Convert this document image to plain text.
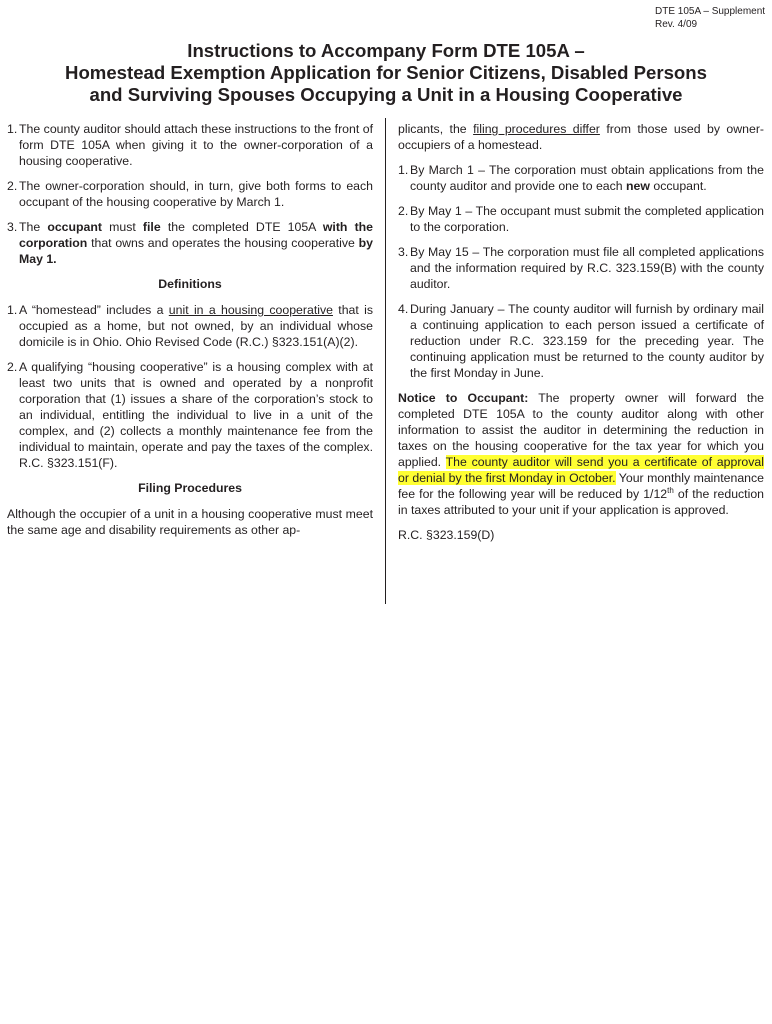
DTE 105A – Supplement
Rev. 4/09
Instructions to Accompany Form DTE 105A –
Homestead Exemption Application for Senior Citizens, Disabled Persons
and Surviving Spouses Occupying a Unit in a Housing Cooperative
1. The county auditor should attach these instructions to the front of form DTE 105A when giving it to the owner-corporation of a housing cooperative.
2. The owner-corporation should, in turn, give both forms to each occupant of the housing cooperative by March 1.
3. The occupant must file the completed DTE 105A with the corporation that owns and operates the housing cooperative by May 1.
Definitions
1. A “homestead” includes a unit in a housing cooperative that is occupied as a home, but not owned, by an individual whose domicile is in Ohio. Ohio Revised Code (R.C.) §323.151(A)(2).
2. A qualifying “housing cooperative” is a housing complex with at least two units that is owned and operated by a nonprofit corporation that (1) issues a share of the corporation’s stock to an individual, entitling the individual to live in a unit of the complex, and (2) collects a monthly maintenance fee from the individual to maintain, operate and pay the taxes of the complex. R.C. §323.151(F).
Filing Procedures
Although the occupier of a unit in a housing cooperative must meet the same age and disability requirements as other ap-
plicants, the filing procedures differ from those used by owner-occupiers of a homestead.
1. By March 1 – The corporation must obtain applications from the county auditor and provide one to each new occupant.
2. By May 1 – The occupant must submit the completed application to the corporation.
3. By May 15 – The corporation must file all completed applications and the information required by R.C. 323.159(B) with the county auditor.
4. During January – The county auditor will furnish by ordinary mail a continuing application to each person issued a certificate of reduction under R.C. 323.159 for the preceding year. The continuing application must be returned to the county auditor by the first Monday in June.
Notice to Occupant: The property owner will forward the completed DTE 105A to the county auditor along with other information to assist the auditor in determining the reduction in taxes on the housing cooperative for the tax year for which you applied. The county auditor will send you a certificate of approval or denial by the first Monday in October. Your monthly maintenance fee for the following year will be reduced by 1/12th of the reduction in taxes attributed to your unit if your application is approved.
R.C. §323.159(D)
